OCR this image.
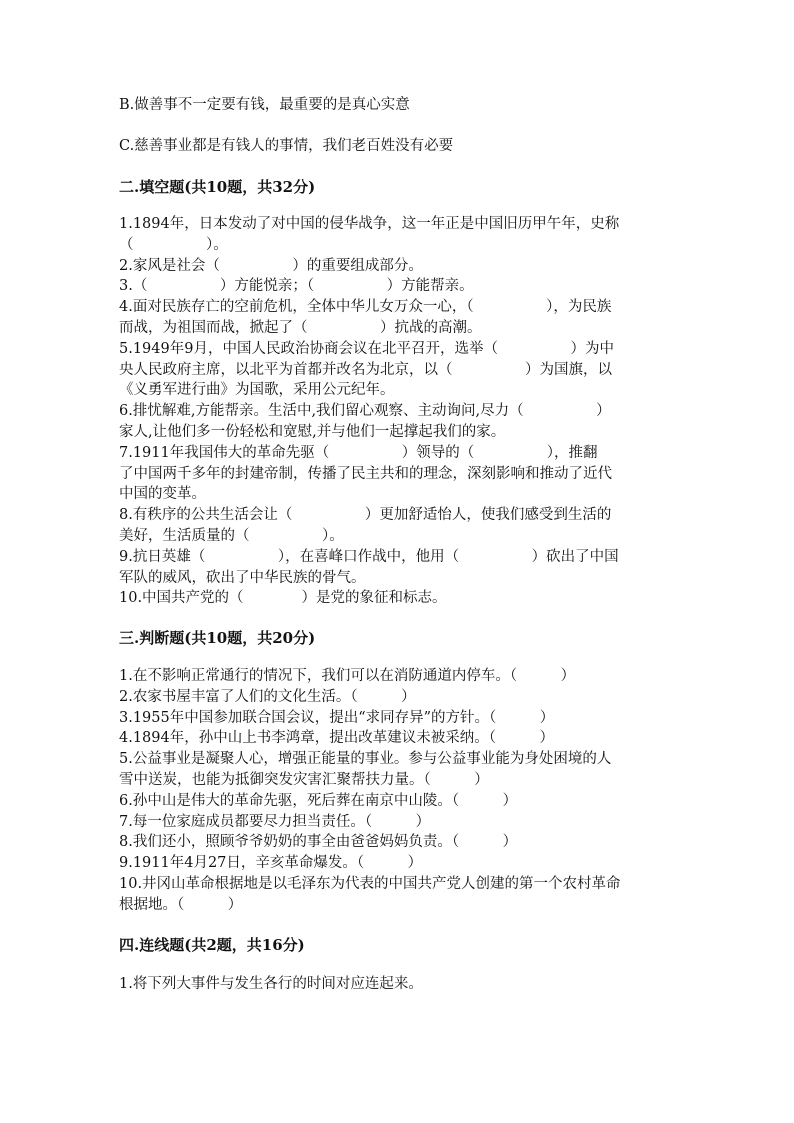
B.做善事不一定要有钱，最重要的是真心实意
C.慈善事业都是有钱人的事情，我们老百姓没有必要
二.填空题(共10题，共32分)
1.1894年，日本发动了对中国的侵华战争，这一年正是中国旧历甲午年，史称
（　　　　　）。
2.家风是社会（　　　　　）的重要组成部分。
3.（　　　　　）方能悦亲；（　　　　　）方能帮亲。
4.面对民族存亡的空前危机，全体中华儿女万众一心，（　　　　　），为民族
而战，为祖国而战，掀起了（　　　　　）抗战的高潮。
5.1949年9月，中国人民政治协商会议在北平召开，选举（　　　　　）为中
央人民政府主席，以北平为首都并改名为北京，以（　　　　　）为国旗，以
《义勇军进行曲》为国歌，采用公元纪年。
6.排忧解难,方能帮亲。生活中,我们留心观察、主动询问,尽力（　　　　　）
家人,让他们多一份轻松和宽慰,并与他们一起撑起我们的家。
7.1911年我国伟大的革命先驱（　　　　　）领导的（　　　　　），推翻
了中国两千多年的封建帝制，传播了民主共和的理念，深刻影响和推动了近代
中国的变革。
8.有秩序的公共生活会让（　　　　　）更加舒适怡人，使我们感受到生活的
美好，生活质量的（　　　　　）。
9.抗日英雄（　　　　　），在喜峰口作战中，他用（　　　　　）砍出了中国
军队的威风，砍出了中华民族的骨气。
10.中国共产党的（　　　　）是党的象征和标志。
三.判断题(共10题，共20分)
1.在不影响正常通行的情况下，我们可以在消防通道内停车。（　　　）
2.农家书屋丰富了人们的文化生活。（　　　）
3.1955年中国参加联合国会议，提出“求同存异”的方针。（　　　）
4.1894年，孙中山上书李鸿章，提出改革建议未被采纳。（　　　）
5.公益事业是凝聚人心，增强正能量的事业。参与公益事业能为身处困境的人
雪中送炭，也能为抵御突发灾害汇聚帮扶力量。（　　　）
6.孙中山是伟大的革命先驱，死后葬在南京中山陵。（　　　）
7.每一位家庭成员都要尽力担当责任。（　　　）
8.我们还小，照顾爷爷奶奶的事全由爸爸妈妈负责。（　　　）
9.1911年4月27日，辛亥革命爆发。（　　　）
10.井冈山革命根据地是以毛泽东为代表的中国共产党人创建的第一个农村革命
根据地。（　　　）
四.连线题(共2题，共16分)
1.将下列大事件与发生各行的时间对应连起来。
